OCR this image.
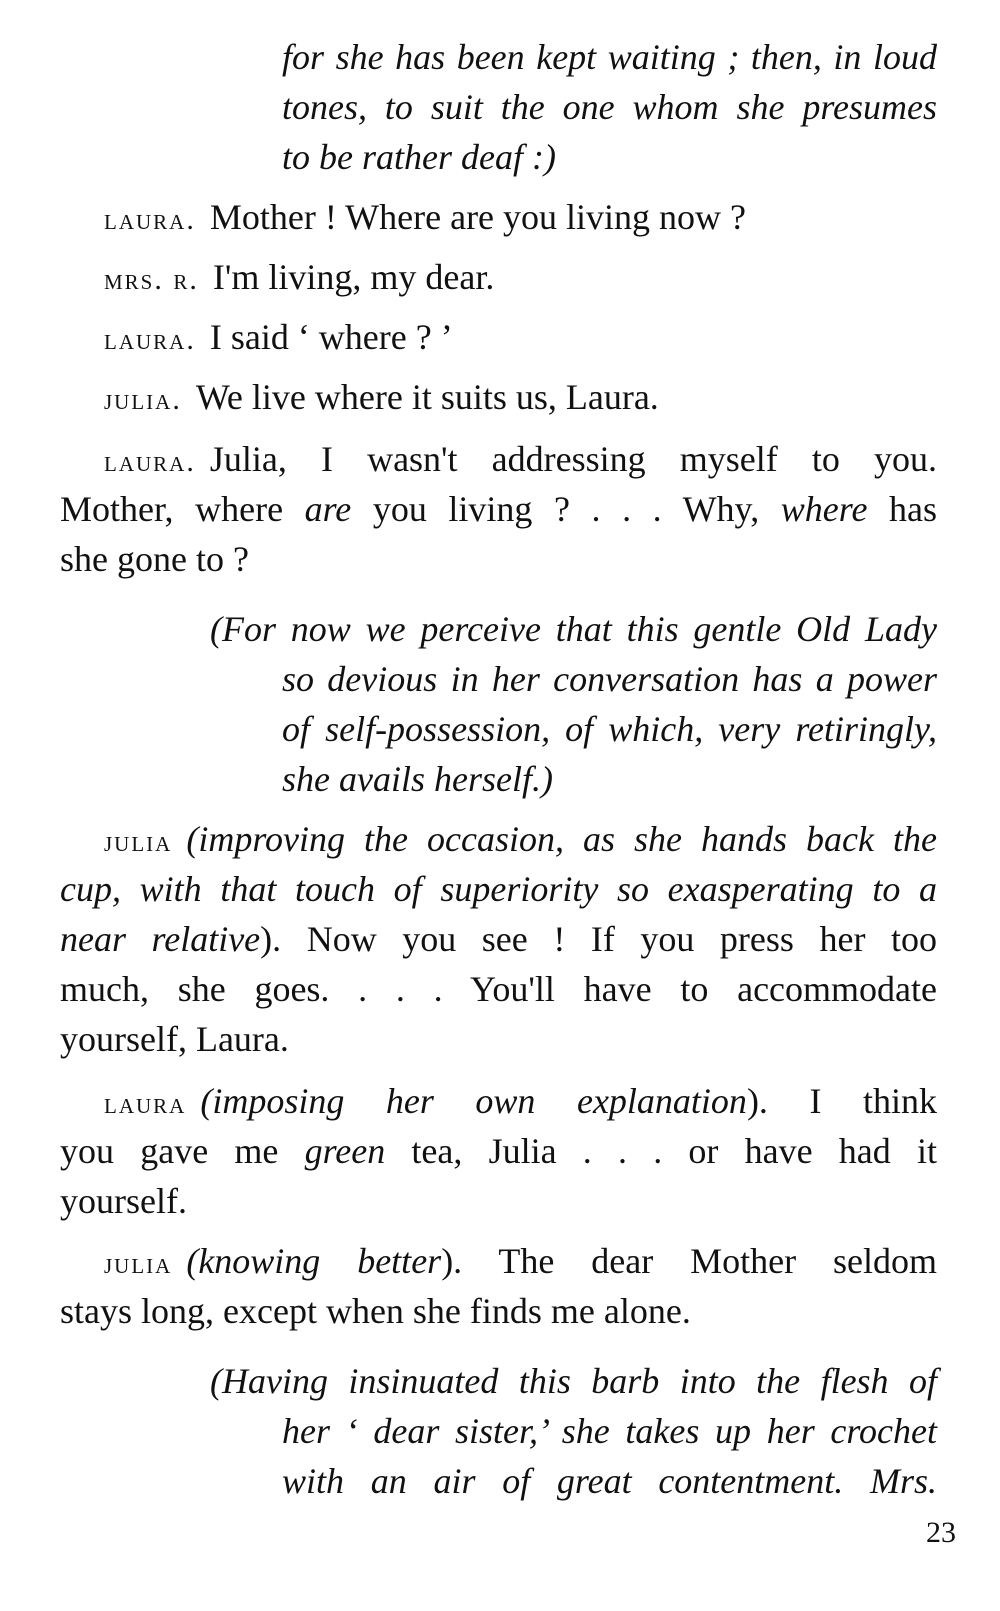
for she has been kept waiting ; then, in loud
tones, to suit the one whom she presumes
to be rather deaf :)
laura. Mother ! Where are you living now ?
mrs. r. I'm living, my dear.
laura. I said ‘ where ? ’
julia. We live where it suits us, Laura.
laura. Julia, I wasn't addressing myself to you.
Mother, where are you living ? . . . Why, where has
she gone to ?
(For now we perceive that this gentle Old Lady
so devious in her conversation has a power
of self-possession, of which, very retiringly,
she avails herself.)
julia (improving the occasion, as she hands back the
cup, with that touch of superiority so exasperating to a
near relative). Now you see ! If you press her too
much, she goes. . . . You'll have to accommodate
yourself, Laura.
laura (imposing her own explanation). I think
you gave me green tea, Julia . . . or have had it
yourself.
julia (knowing better). The dear Mother seldom
stays long, except when she finds me alone.
(Having insinuated this barb into the flesh of
her ‘ dear sister,’ she takes up her crochet
with an air of great contentment. Mrs.
23
